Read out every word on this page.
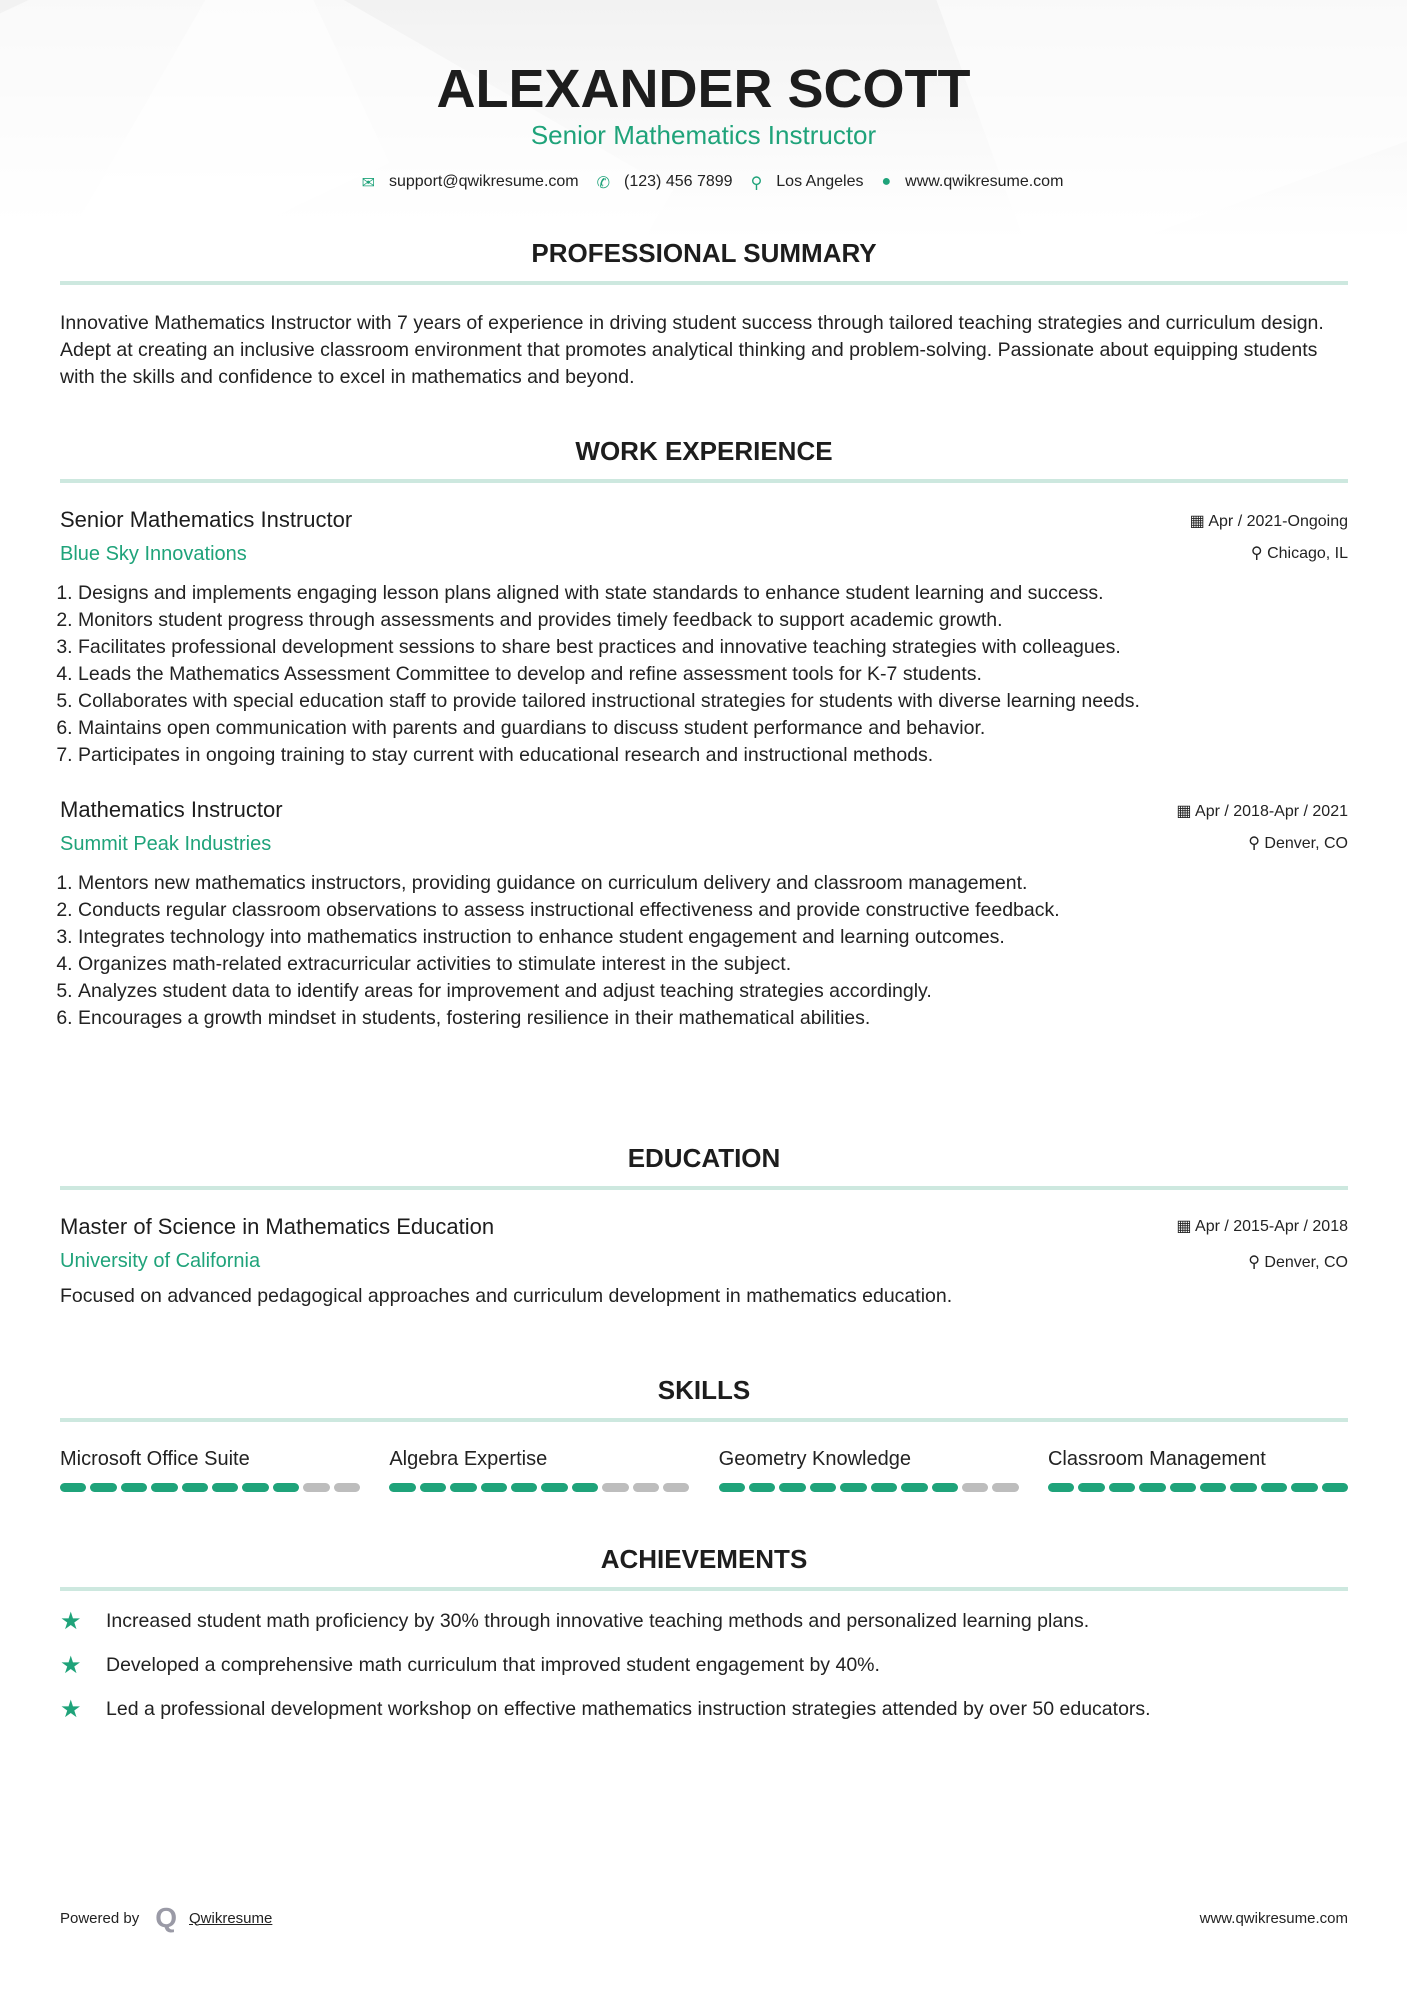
ALEXANDER SCOTT
Senior Mathematics Instructor
✉ support@qwikresume.com ✆ (123) 456 7899 ⚲ Los Angeles ● www.qwikresume.com
PROFESSIONAL SUMMARY
Innovative Mathematics Instructor with 7 years of experience in driving student success through tailored teaching strategies and curriculum design. Adept at creating an inclusive classroom environment that promotes analytical thinking and problem-solving. Passionate about equipping students with the skills and confidence to excel in mathematics and beyond.
WORK EXPERIENCE
▦ Apr / 2021-Ongoing
⚲ Chicago, IL
Senior Mathematics Instructor
Blue Sky Innovations
1. Designs and implements engaging lesson plans aligned with state standards to enhance student learning and success.
2. Monitors student progress through assessments and provides timely feedback to support academic growth.
3. Facilitates professional development sessions to share best practices and innovative teaching strategies with colleagues.
4. Leads the Mathematics Assessment Committee to develop and refine assessment tools for K-7 students.
5. Collaborates with special education staff to provide tailored instructional strategies for students with diverse learning needs.
6. Maintains open communication with parents and guardians to discuss student performance and behavior.
7. Participates in ongoing training to stay current with educational research and instructional methods.
▦ Apr / 2018-Apr / 2021
⚲ Denver, CO
Mathematics Instructor
Summit Peak Industries
1. Mentors new mathematics instructors, providing guidance on curriculum delivery and classroom management.
2. Conducts regular classroom observations to assess instructional effectiveness and provide constructive feedback.
3. Integrates technology into mathematics instruction to enhance student engagement and learning outcomes.
4. Organizes math-related extracurricular activities to stimulate interest in the subject.
5. Analyzes student data to identify areas for improvement and adjust teaching strategies accordingly.
6. Encourages a growth mindset in students, fostering resilience in their mathematical abilities.
EDUCATION
▦ Apr / 2015-Apr / 2018
⚲ Denver, CO
Master of Science in Mathematics Education
University of California
Focused on advanced pedagogical approaches and curriculum development in mathematics education.
SKILLS
Microsoft Office Suite	Algebra Expertise	Geometry Knowledge	Classroom Management
ACHIEVEMENTS
★	Increased student math proficiency by 30% through innovative teaching methods and personalized learning plans.
★	Developed a comprehensive math curriculum that improved student engagement by 40%.
★	Led a professional development workshop on effective mathematics instruction strategies attended by over 50 educators.
Powered by Q Qwikresume	www.qwikresume.com
